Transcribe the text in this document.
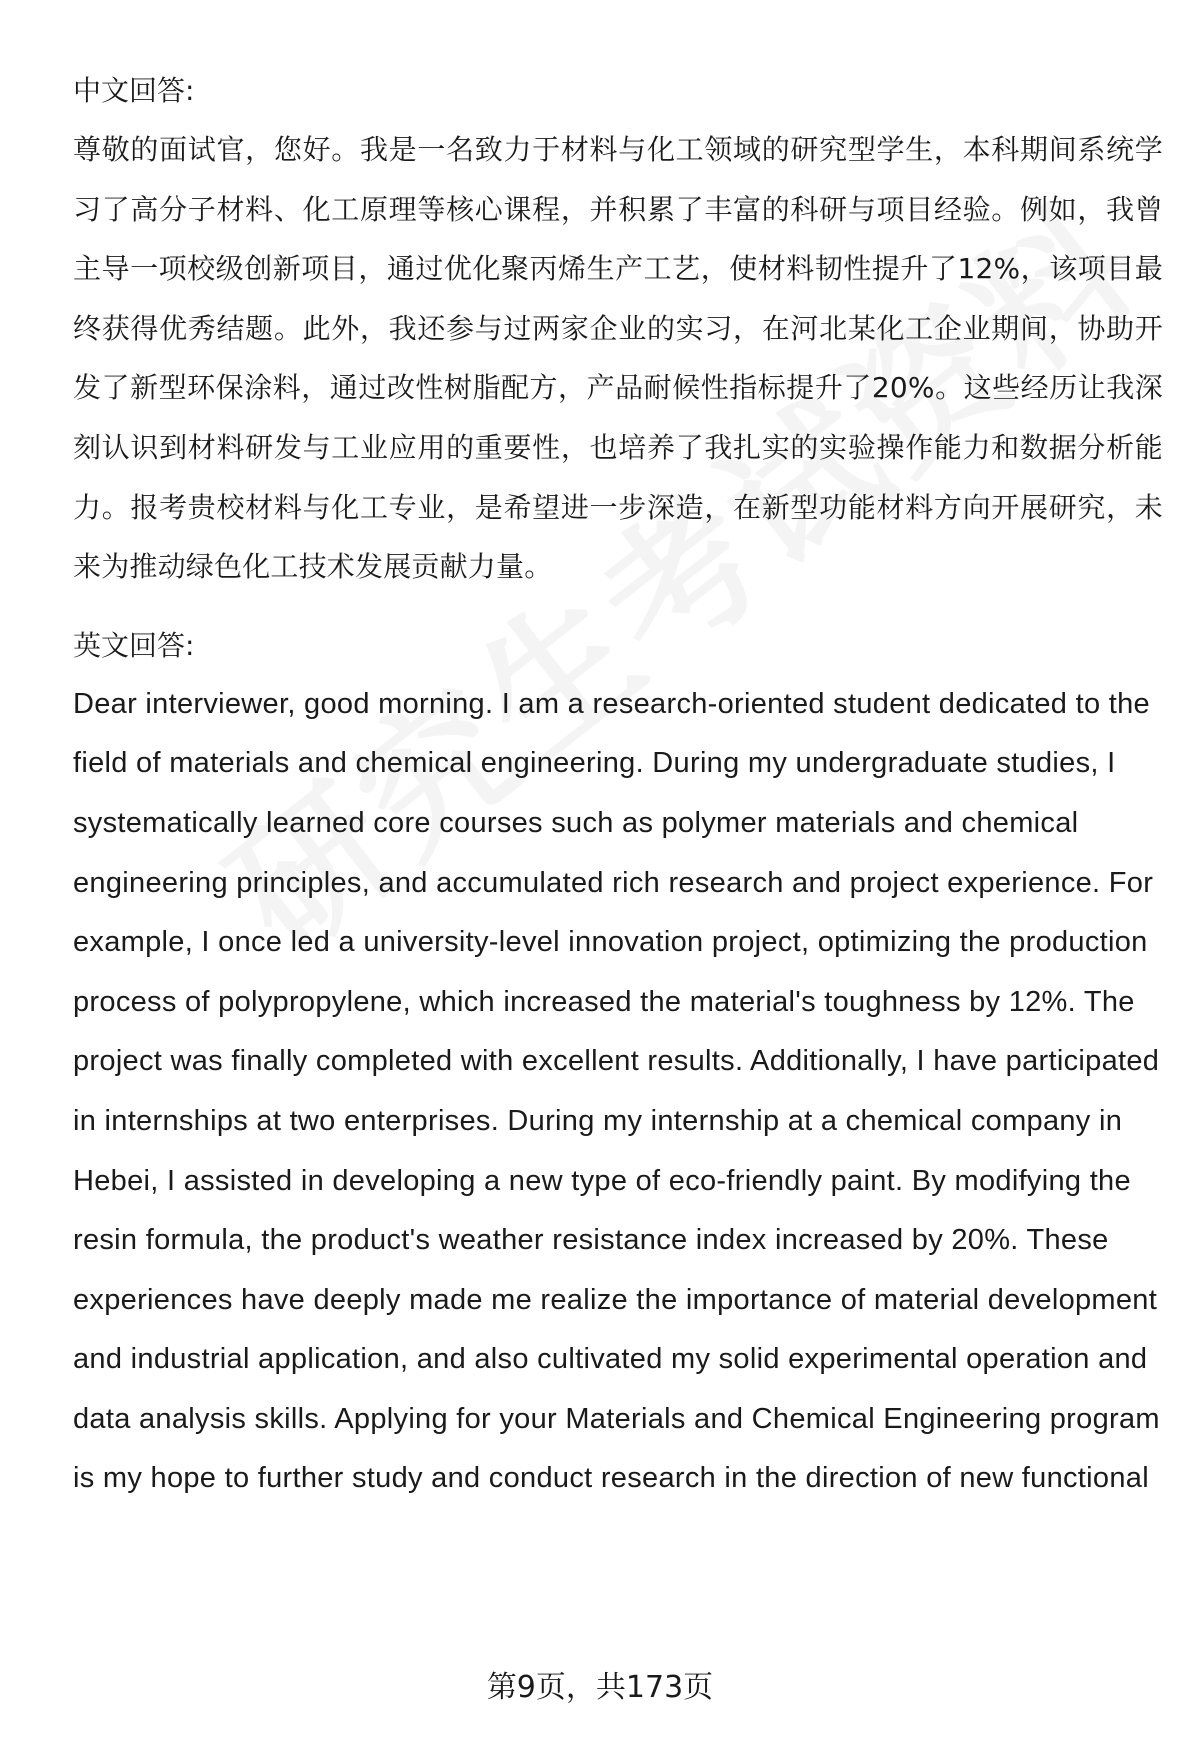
中文回答:

尊敬的面试官，您好。我是一名致力于材料与化工领域的研究型学生，本科期间系统学习了高分子材料、化工原理等核心课程，并积累了丰富的科研与项目经验。例如，我曾主导一项校级创新项目，通过优化聚丙烯生产工艺，使材料韧性提升了12%，该项目最终获得优秀结题。此外，我还参与过两家企业的实习，在河北某化工企业期间，协助开发了新型环保涂料，通过改性树脂配方，产品耐候性指标提升了20%。这些经历让我深刻认识到材料研发与工业应用的重要性，也培养了我扎实的实验操作能力和数据分析能力。报考贵校材料与化工专业，是希望进一步深造，在新型功能材料方向开展研究，未来为推动绿色化工技术发展贡献力量。

英文回答:

Dear interviewer, good morning. I am a research-oriented student dedicated to the field of materials and chemical engineering. During my undergraduate studies, I systematically learned core courses such as polymer materials and chemical engineering principles, and accumulated rich research and project experience. For example, I once led a university-level innovation project, optimizing the production process of polypropylene, which increased the material's toughness by 12%. The project was finally completed with excellent results. Additionally, I have participated in internships at two enterprises. During my internship at a chemical company in Hebei, I assisted in developing a new type of eco-friendly paint. By modifying the resin formula, the product's weather resistance index increased by 20%. These experiences have deeply made me realize the importance of material development and industrial application, and also cultivated my solid experimental operation and data analysis skills. Applying for your Materials and Chemical Engineering program is my hope to further study and conduct research in the direction of new functional

第9页，共173页
